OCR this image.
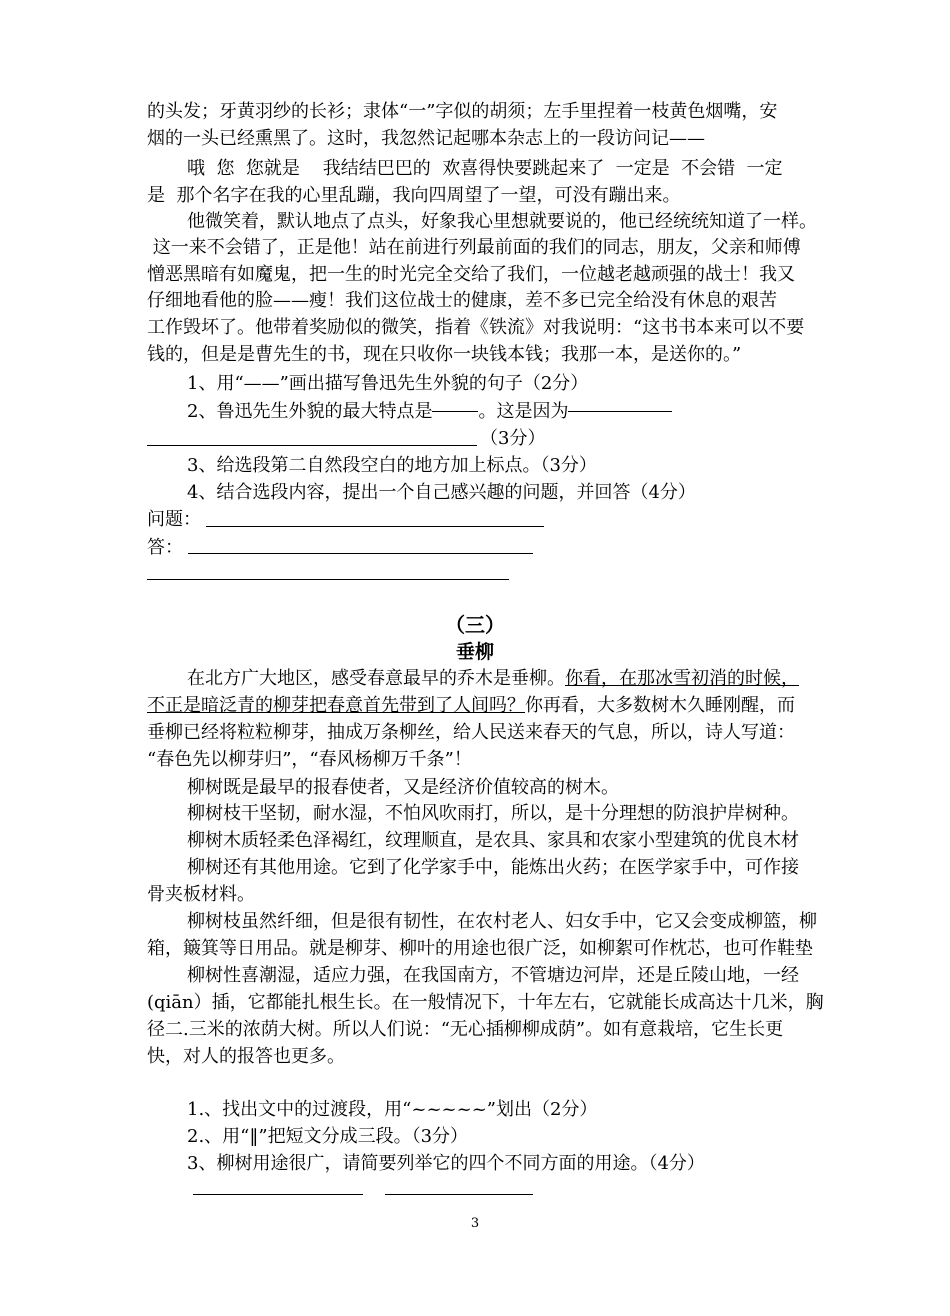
的头发；牙黄羽纱的长衫；隶体“一”字似的胡须；左手里捏着一枝黄色烟嘴，安
烟的一头已经熏黑了。这时，我忽然记起哪本杂志上的一段访问记——
哦  您  您就是    我结结巴巴的  欢喜得快要跳起来了  一定是  不会错  一定
是  那个名字在我的心里乱蹦，我向四周望了一望，可没有蹦出来。
他微笑着，默认地点了点头，好象我心里想就要说的，他已经统统知道了一样。
这一来不会错了，正是他！站在前进行列最前面的我们的同志，朋友，父亲和师傅
憎恶黑暗有如魔鬼，把一生的时光完全交给了我们，一位越老越顽强的战士！我又
仔细地看他的脸——瘦！我们这位战士的健康，差不多已完全给没有休息的艰苦
工作毁坏了。他带着奖励似的微笑，指着《铁流》对我说明：“这书书本来可以不要
钱的，但是是曹先生的书，现在只收你一块钱本钱；我那一本，是送你的。”
1、用“——”画出描写鲁迅先生外貌的句子（2分）
2、鲁迅先生外貌的最大特点是	。这是因为
（3分）
3、给选段第二自然段空白的地方加上标点。（3分）
4、结合选段内容，提出一个自己感兴趣的问题，并回答（4分）
问题：
答：
（三）
垂柳
在北方广大地区，感受春意最早的乔木是垂柳。你看，在那冰雪初消的时候，
不正是暗泛青的柳芽把春意首先带到了人间吗？你再看，大多数树木久睡刚醒，而
垂柳已经将粒粒柳芽，抽成万条柳丝，给人民送来春天的气息，所以，诗人写道：
“春色先以柳芽归”，“春风杨柳万千条”！
柳树既是最早的报春使者，又是经济价值较高的树木。
柳树枝干坚韧，耐水湿，不怕风吹雨打，所以，是十分理想的防浪护岸树种。
柳树木质轻柔色泽褐红，纹理顺直，是农具、家具和农家小型建筑的优良木材
柳树还有其他用途。它到了化学家手中，能炼出火药；在医学家手中，可作接
骨夹板材料。
柳树枝虽然纤细，但是很有韧性，在农村老人、妇女手中，它又会变成柳篮，柳
箱，簸箕等日用品。就是柳芽、柳叶的用途也很广泛，如柳絮可作枕芯，也可作鞋垫
柳树性喜潮湿，适应力强，在我国南方，不管塘边河岸，还是丘陵山地，一经
(qiān）插，它都能扎根生长。在一般情况下，十年左右，它就能长成高达十几米，胸
径二.三米的浓荫大树。所以人们说：“无心插柳柳成荫”。如有意栽培，它生长更
快，对人的报答也更多。
1.、找出文中的过渡段，用“~~~~~”划出（2分）
2.、用“‖”把短文分成三段。（3分）
3、柳树用途很广，请简要列举它的四个不同方面的用途。（4分）
3
